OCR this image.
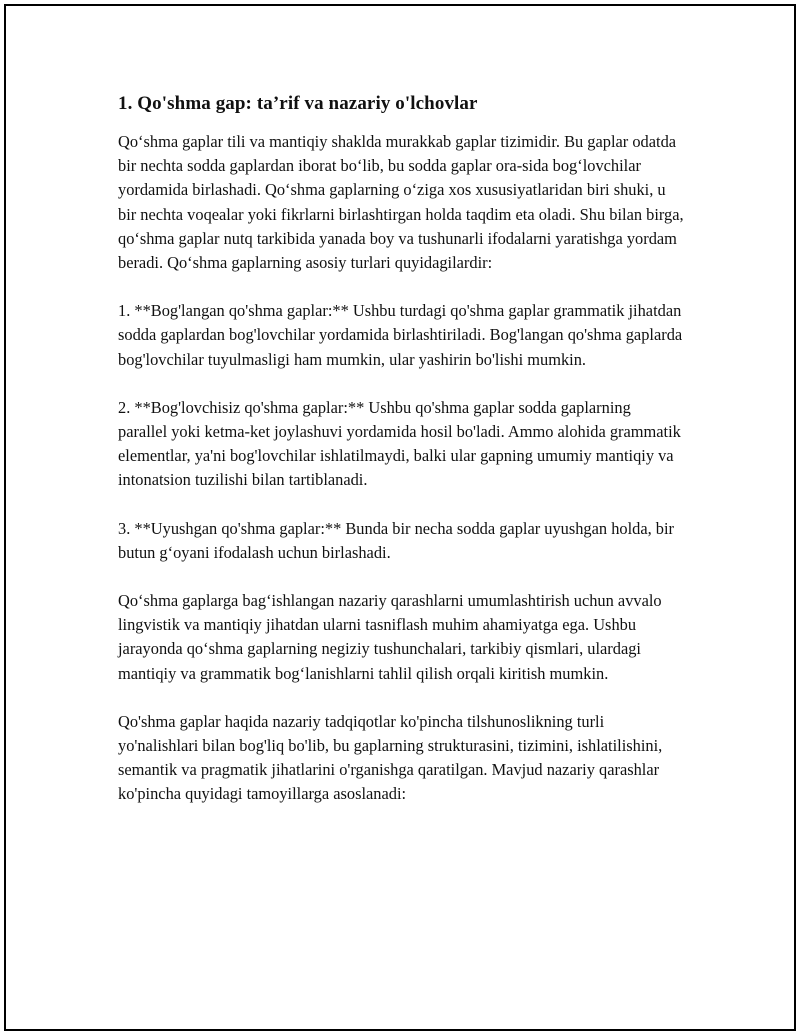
1. Qo'shma gap: ta’rif va nazariy o'lchovlar

Qo‘shma gaplar tili va mantiqiy shaklda murakkab gaplar tizimidir. Bu gaplar odatda bir nechta sodda gaplardan iborat bo‘lib, bu sodda gaplar ora-sida bog‘lovchilar yordamida birlashadi. Qo‘shma gaplarning o‘ziga xos xususiyatlaridan biri shuki, u bir nechta voqealar yoki fikrlarni birlashtirgan holda taqdim eta oladi. Shu bilan birga, qo‘shma gaplar nutq tarkibida yanada boy va tushunarli ifodalarni yaratishga yordam beradi. Qo‘shma gaplarning asosiy turlari quyidagilardir:

1. **Bog'langan qo'shma gaplar:** Ushbu turdagi qo'shma gaplar grammatik jihatdan sodda gaplardan bog'lovchilar yordamida birlashtiriladi. Bog'langan qo'shma gaplarda bog'lovchilar tuyulmasligi ham mumkin, ular yashirin bo'lishi mumkin.

2. **Bog'lovchisiz qo'shma gaplar:** Ushbu qo'shma gaplar sodda gaplarning parallel yoki ketma-ket joylashuvi yordamida hosil bo'ladi. Ammo alohida grammatik elementlar, ya'ni bog'lovchilar ishlatilmaydi, balki ular gapning umumiy mantiqiy va intonatsion tuzilishi bilan tartiblanadi.

3. **Uyushgan qo'shma gaplar:** Bunda bir necha sodda gaplar uyushgan holda, bir butun g‘oyani ifodalash uchun birlashadi.

Qo‘shma gaplarga bag‘ishlangan nazariy qarashlarni umumlashtirish uchun avvalo lingvistik va mantiqiy jihatdan ularni tasniflash muhim ahamiyatga ega. Ushbu jarayonda qo‘shma gaplarning negiziy tushunchalari, tarkibiy qismlari, ulardagi mantiqiy va grammatik bog‘lanishlarni tahlil qilish orqali kiritish mumkin.

Qo'shma gaplar haqida nazariy tadqiqotlar ko'pincha tilshunoslikning turli yo'nalishlari bilan bog'liq bo'lib, bu gaplarning strukturasini, tizimini, ishlatilishini, semantik va pragmatik jihatlarini o'rganishga qaratilgan. Mavjud nazariy qarashlar ko'pincha quyidagi tamoyillarga asoslanadi:
